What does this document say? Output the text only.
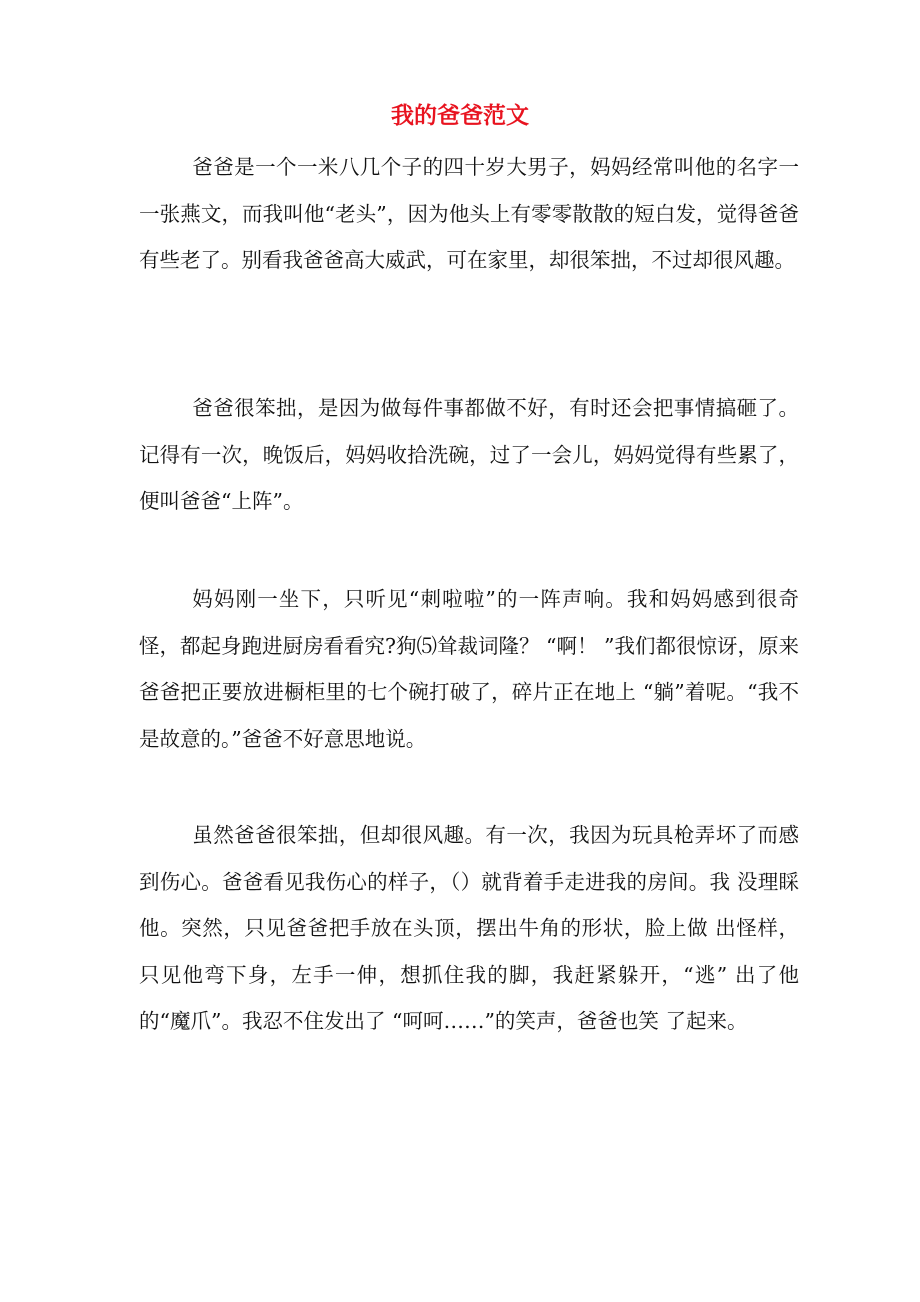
我的爸爸范文

爸爸是一个一米八几个子的四十岁大男子，妈妈经常叫他的名字一一张燕文，而我叫他“老头”，因为他头上有零零散散的短白发，觉得爸爸有些老了。别看我爸爸高大威武，可在家里，却很笨拙，不过却很风趣。

爸爸很笨拙，是因为做每件事都做不好，有时还会把事情搞砸了。记得有一次，晚饭后，妈妈收拾洗碗，过了一会儿，妈妈觉得有些累了，便叫爸爸“上阵”。

妈妈刚一坐下，只听见“刺啦啦”的一阵声响。我和妈妈感到很奇怪，都起身跑进厨房看看究?狗⑸耸裁词隆？ “啊！ ”我们都很惊讶，原来爸爸把正要放进橱柜里的七个碗打破了，碎片正在地上 “躺”着呢。“我不是故意的。”爸爸不好意思地说。

虽然爸爸很笨拙，但却很风趣。有一次，我因为玩具枪弄坏了而感到伤心。爸爸看见我伤心的样子，（）就背着手走进我的房间。我 没理睬他。突然，只见爸爸把手放在头顶，摆出牛角的形状，脸上做 出怪样，只见他弯下身，左手一伸，想抓住我的脚，我赶紧躲开，“逃” 出了他的“魔爪”。我忍不住发出了 “呵呵……”的笑声，爸爸也笑 了起来。
